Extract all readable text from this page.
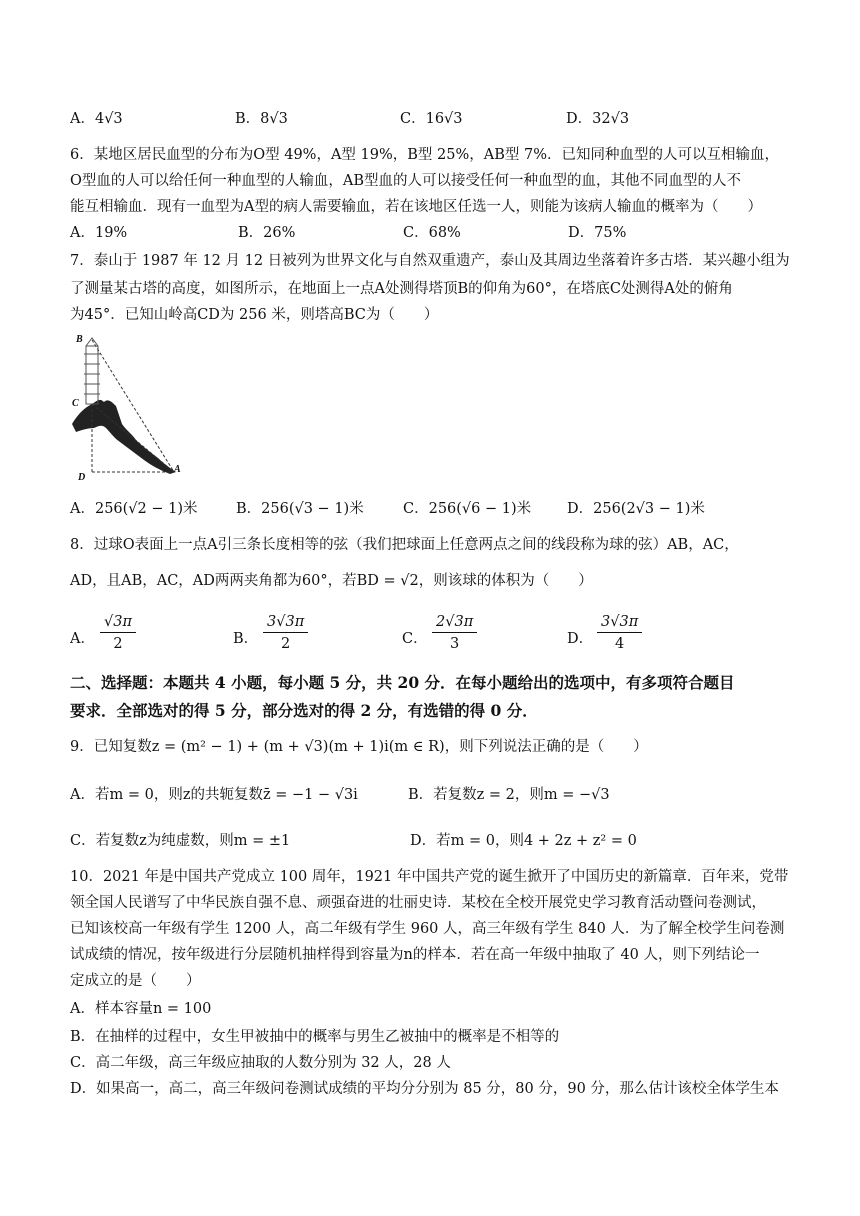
A．4√3	B．8√3	C．16√3	D．32√3
6．某地区居民血型的分布为O型 49%，A型 19%，B型 25%，AB型 7%．已知同种血型的人可以互相输血，
O型血的人可以给任何一种血型的人输血，AB型血的人可以接受任何一种血型的血，其他不同血型的人不
能互相输血．现有一血型为A型的病人需要输血，若在该地区任选一人，则能为该病人输血的概率为（　　）
A．19%	B．26%	C．68%	D．75%
7．泰山于 1987 年 12 月 12 日被列为世界文化与自然双重遗产，泰山及其周边坐落着许多古塔．某兴趣小组为
了测量某古塔的高度，如图所示，在地面上一点A处测得塔顶B的仰角为60°，在塔底C处测得A处的俯角
为45°．已知山岭高CD为 256 米，则塔高BC为（　　）
B
C
D
A
A．256(√2 − 1)米	B．256(√3 − 1)米	C．256(√6 − 1)米 D．256(2√3 − 1)米
8．过球O表面上一点A引三条长度相等的弦（我们把球面上任意两点之间的线段称为球的弦）AB，AC，
AD，且AB，AC，AD两两夹角都为60°，若BD = √2，则该球的体积为（　　）
A． $\frac{√3\pi}{2}$	B． $\frac{3√3\pi}{2}$	C． $\frac{2√3\pi}{3}$	D． $\frac{3√3\pi}{4}$
二、选择题：本题共 4 小题，每小题 5 分，共 20 分．在每小题给出的选项中，有多项符合题目
要求．全部选对的得 5 分，部分选对的得 2 分，有选错的得 0 分．
9．已知复数z = (m² − 1) + (m + √3)(m + 1)i(m ∈ R)，则下列说法正确的是（　　）
A．若m = 0，则z的共轭复数z̄ = −1 − √3i	B．若复数z = 2，则m = −√3
C．若复数z为纯虚数，则m = ±1	D．若m = 0，则4 + 2z + z² = 0
10．2021 年是中国共产党成立 100 周年，1921 年中国共产党的诞生掀开了中国历史的新篇章．百年来，党带
领全国人民谱写了中华民族自强不息、顽强奋进的壮丽史诗．某校在全校开展党史学习教育活动暨问卷测试，
已知该校高一年级有学生 1200 人，高二年级有学生 960 人，高三年级有学生 840 人．为了解全校学生问卷测
试成绩的情况，按年级进行分层随机抽样得到容量为n的样本．若在高一年级中抽取了 40 人，则下列结论一
定成立的是（　　）
A．样本容量n = 100
B．在抽样的过程中，女生甲被抽中的概率与男生乙被抽中的概率是不相等的
C．高二年级，高三年级应抽取的人数分别为 32 人，28 人
D．如果高一，高二，高三年级问卷测试成绩的平均分分别为 85 分，80 分，90 分，那么估计该校全体学生本
